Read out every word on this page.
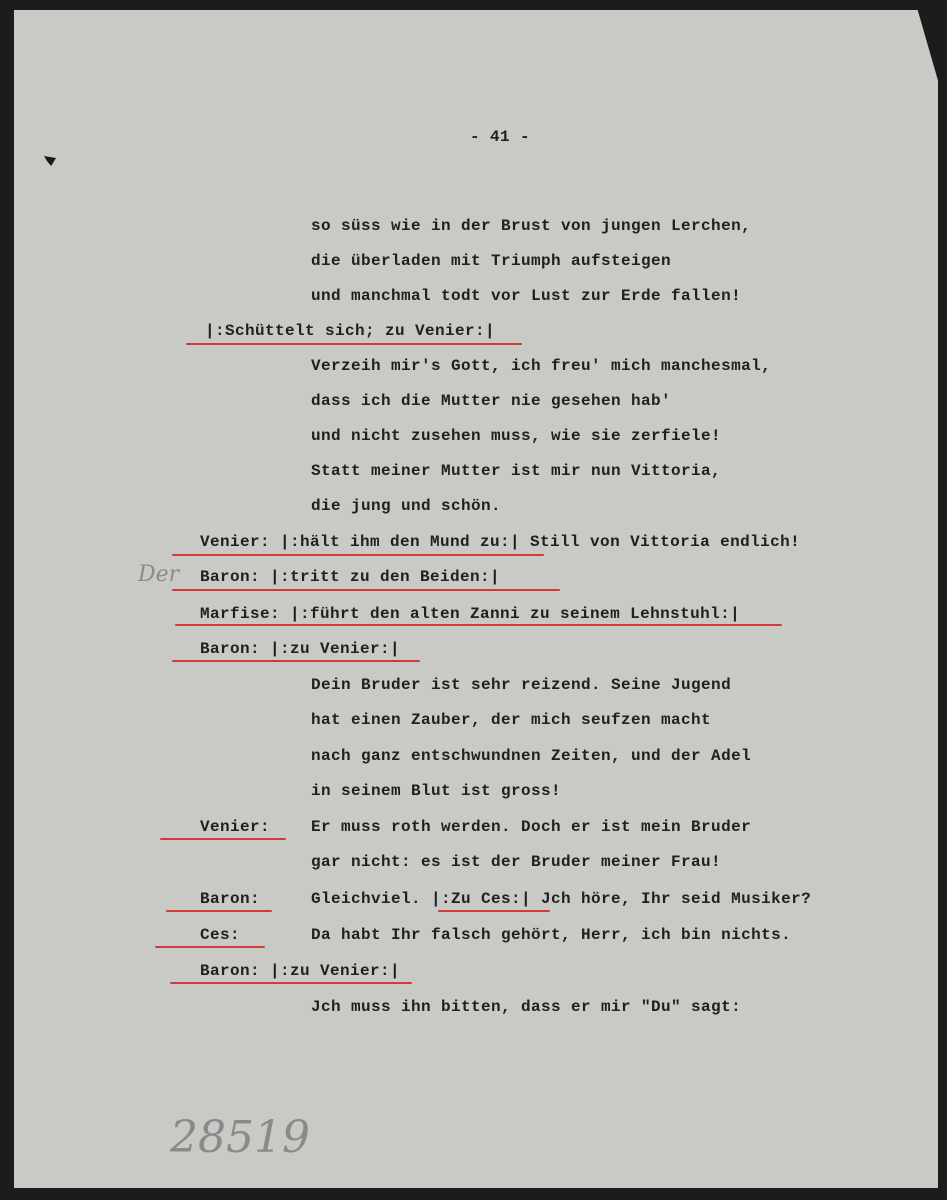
- 41 -
so süss wie in der Brust von jungen Lerchen,
die überladen mit Triumph aufsteigen
und manchmal todt vor Lust zur Erde fallen!
|:Schüttelt sich; zu Venier:|
Verzeih mir's Gott, ich freu' mich manchesmal,
dass ich die Mutter nie gesehen hab'
und nicht zusehen muss, wie sie zerfiele!
Statt meiner Mutter ist mir nun Vittoria,
die jung und schön.
Venier: |:hält ihm den Mund zu:| Still von Vittoria endlich!
Der Baron: |:tritt zu den Beiden:|
Marfise: |:führt den alten Zanni zu seinem Lehnstuhl:|
Baron: |:zu Venier:|
Dein Bruder ist sehr reizend. Seine Jugend
hat einen Zauber, der mich seufzen macht
nach ganz entschwundnen Zeiten, und der Adel
in seinem Blut ist gross!
Venier:	Er muss roth werden. Doch er ist mein Bruder
gar nicht: es ist der Bruder meiner Frau!
Baron:	Gleichviel. |:Zu Ces:| Jch höre, Ihr seid Musiker?
Ces:	Da habt Ihr falsch gehört, Herr, ich bin nichts.
Baron: |:zu Venier:|
Jch muss ihn bitten, dass er mir "Du" sagt:
28519
